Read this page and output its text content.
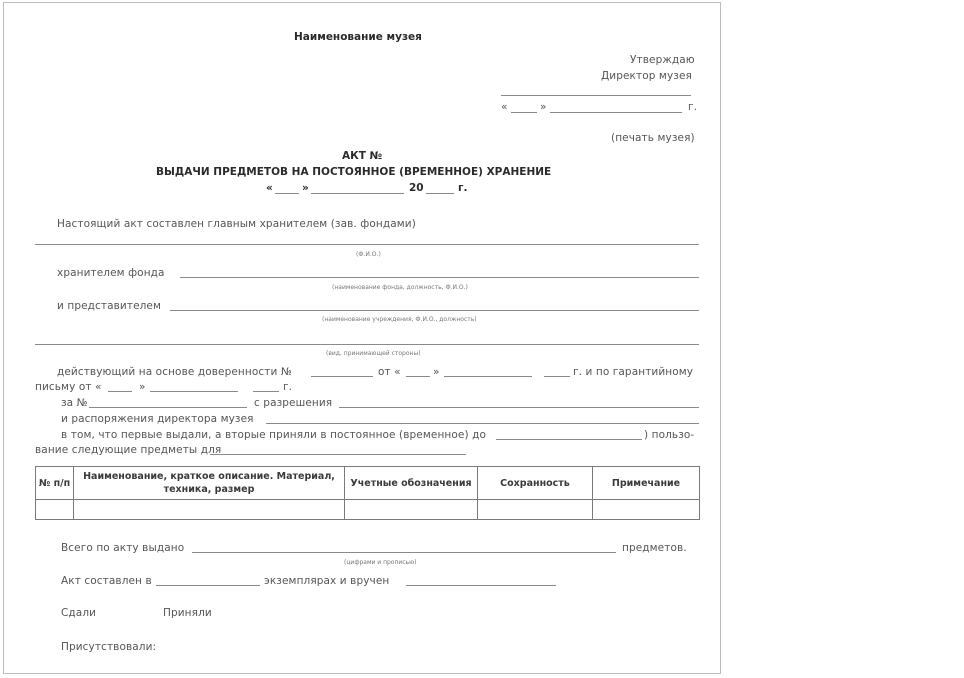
Наименование музея
Утверждаю
Директор музея
«	»	г.
(печать музея)
АКТ №
ВЫДАЧИ ПРЕДМЕТОВ НА ПОСТОЯННОЕ (ВРЕМЕННОЕ) ХРАНЕНИЕ
«	»	20	г.
Настоящий акт составлен главным хранителем (зав. фондами)
(Ф.И.О.)
хранителем фонда
(наименование фонда, должность, Ф.И.О.)
и представителем
(наименование учреждения, Ф.И.О., должность)
(вид, принимающей стороны)
действующий на основе доверенности №	от «	»	г. и по гарантийному
письму от «	»	г.
за №	с разрешения
и распоряжения директора музея
в том, что первые выдали, а вторые приняли в постоянное (временное) до	) пользо-
вание следующие предметы для
№ п/п	Наименование, краткое описание. Материал, техника, размер	Учетные обозначения	Сохранность	Примечание

Всего по акту выдано	предметов.
(цифрами и прописью)
Акт составлен в	экземплярах и вручен
Сдали	Приняли
Присутствовали:
